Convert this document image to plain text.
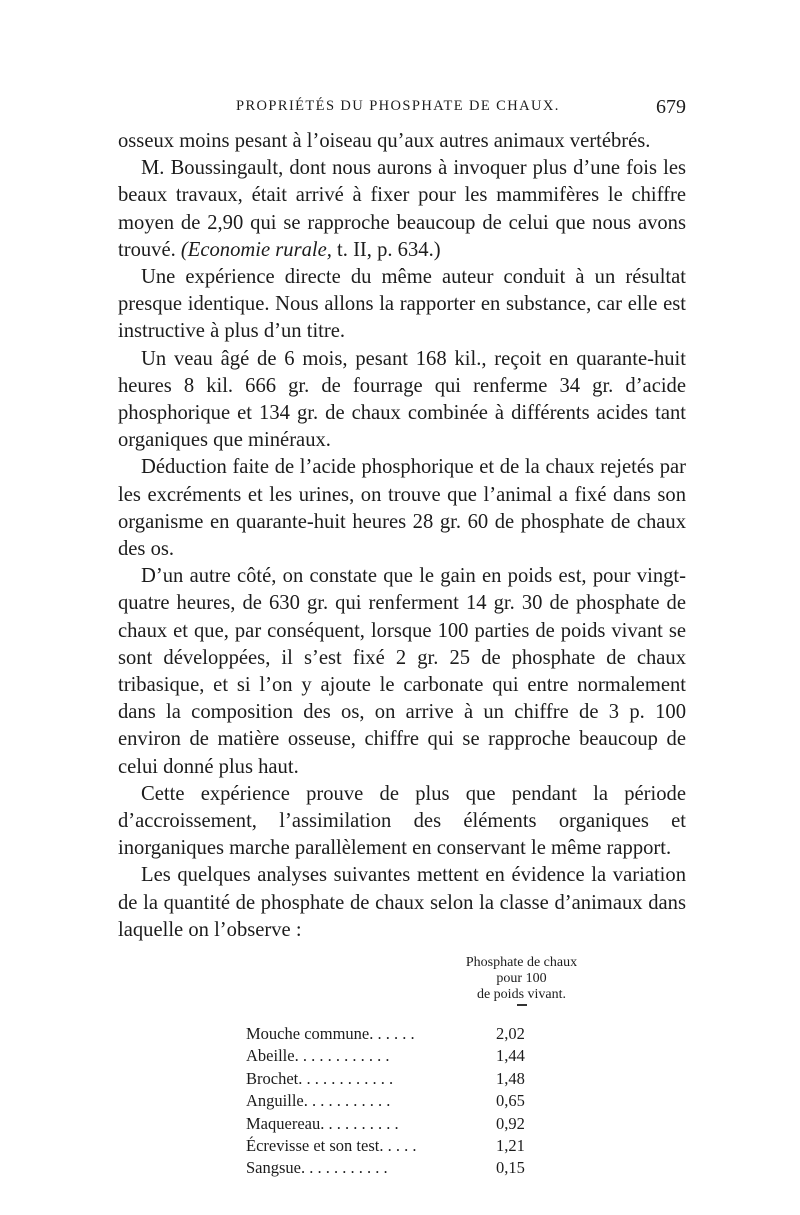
PROPRIÉTÉS DU PHOSPHATE DE CHAUX.	679

osseux moins pesant à l’oiseau qu’aux autres animaux vertébrés.

M. Boussingault, dont nous aurons à invoquer plus d’une fois les beaux travaux, était arrivé à fixer pour les mammifères le chiffre moyen de 2,90 qui se rapproche beaucoup de celui que nous avons trouvé. (Economie rurale, t. II, p. 634.)

Une expérience directe du même auteur conduit à un résultat presque identique. Nous allons la rapporter en substance, car elle est instructive à plus d’un titre.

Un veau âgé de 6 mois, pesant 168 kil., reçoit en quarante-huit heures 8 kil. 666 gr. de fourrage qui renferme 34 gr. d’acide phosphorique et 134 gr. de chaux combinée à différents acides tant organiques que minéraux.

Déduction faite de l’acide phosphorique et de la chaux rejetés par les excréments et les urines, on trouve que l’animal a fixé dans son organisme en quarante-huit heures 28 gr. 60 de phosphate de chaux des os.

D’un autre côté, on constate que le gain en poids est, pour vingt-quatre heures, de 630 gr. qui renferment 14 gr. 30 de phosphate de chaux et que, par conséquent, lorsque 100 parties de poids vivant se sont développées, il s’est fixé 2 gr. 25 de phosphate de chaux tribasique, et si l’on y ajoute le carbonate qui entre normalement dans la composition des os, on arrive à un chiffre de 3 p. 100 environ de matière osseuse, chiffre qui se rapproche beaucoup de celui donné plus haut.

Cette expérience prouve de plus que pendant la période d’accroissement, l’assimilation des éléments organiques et inorganiques marche parallèlement en conservant le même rapport.

Les quelques analyses suivantes mettent en évidence la variation de la quantité de phosphate de chaux selon la classe d’animaux dans laquelle on l’observe :

Phosphate de chaux
pour 100
de poids vivant.
Mouche commune. . . . . .	2,02
Abeille. . . . . . . . . . . .	1,44
Brochet. . . . . . . . . . . .	1,48
Anguille. . . . . . . . . . .	0,65
Maquereau. . . . . . . . . .	0,92
Écrevisse et son test. . . . .	1,21
Sangsue. . . . . . . . . . .	0,15
